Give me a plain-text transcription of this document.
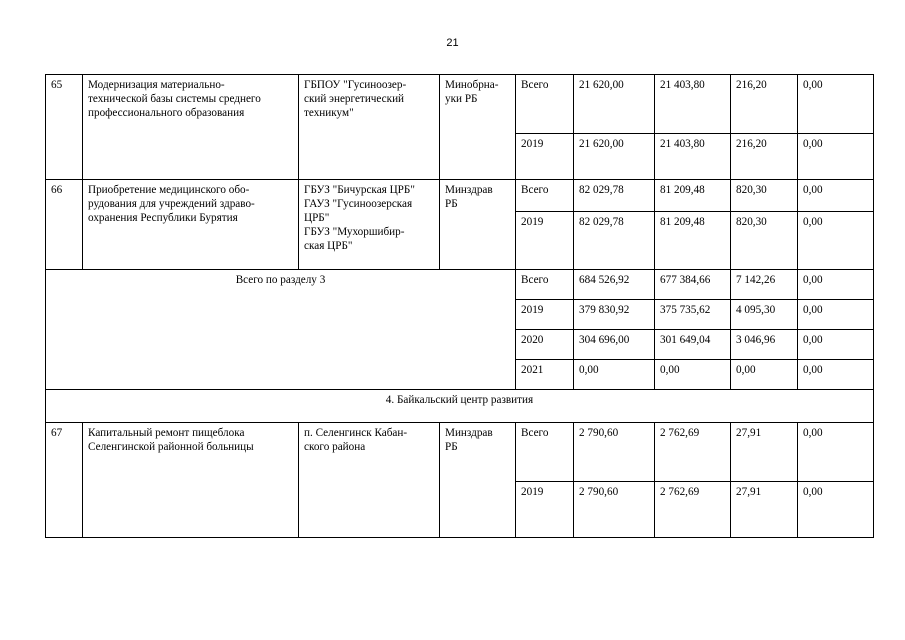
21
65	Модернизация материально-
технической базы системы среднего
профессионального образования	ГБПОУ "Гусиноозер-
ский энергетический
техникум"	Минобрна-
уки РБ	Всего	21 620,00	21 403,80	216,20	0,00
				2019	21 620,00	21 403,80	216,20	0,00
66	Приобретение медицинского обо-
рудования для учреждений здраво-
охранения Республики Бурятия	ГБУЗ "Бичурская ЦРБ"
ГАУЗ "Гусиноозерская
ЦРБ"
ГБУЗ "Мухоршибир-
ская ЦРБ"	Минздрав
РБ	Всего	82 029,78	81 209,48	820,30	0,00
				2019	82 029,78	81 209,48	820,30	0,00
Всего по разделу 3				Всего	684 526,92	677 384,66	7 142,26	0,00
				2019	379 830,92	375 735,62	4 095,30	0,00
				2020	304 696,00	301 649,04	3 046,96	0,00
				2021	0,00	0,00	0,00	0,00
4. Байкальский центр развития								
67	Капитальный ремонт пищеблока
Селенгинской районной больницы	п. Селенгинск Кабан-
ского района	Минздрав
РБ	Всего	2 790,60	2 762,69	27,91	0,00
				2019	2 790,60	2 762,69	27,91	0,00
